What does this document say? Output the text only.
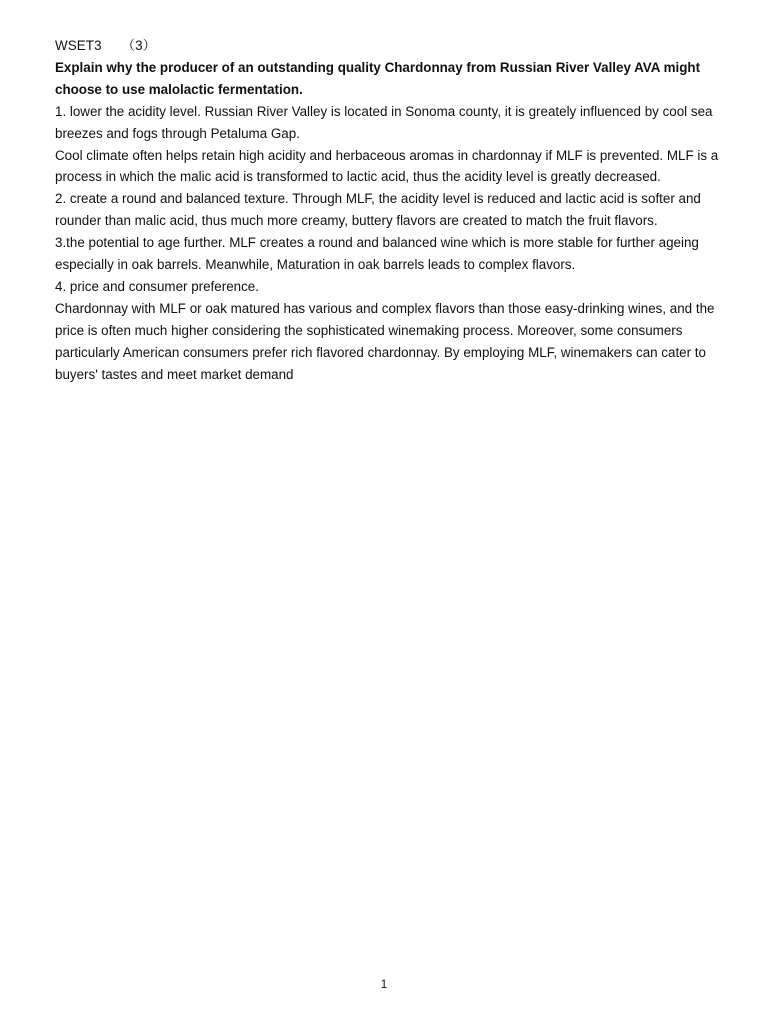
WSET3 （3）

Explain why the producer of an outstanding quality Chardonnay from Russian River Valley AVA might choose to use malolactic fermentation.

1. lower the acidity level. Russian River Valley is located in Sonoma county, it is greately influenced by cool sea breezes and fogs through Petaluma Gap.

Cool climate often helps retain high acidity and herbaceous aromas in chardonnay if MLF is prevented. MLF is a process in which the malic acid is transformed to lactic acid, thus the acidity level is greatly decreased.

2. create a round and balanced texture. Through MLF, the acidity level is reduced and lactic acid is softer and rounder than malic acid, thus much more creamy, buttery flavors are created to match the fruit flavors.

3.the potential to age further. MLF creates a round and balanced wine which is more stable for further ageing especially in oak barrels. Meanwhile, Maturation in oak barrels leads to complex flavors.

4. price and consumer preference.

Chardonnay with MLF or oak matured has various and complex flavors than those easy-drinking wines, and the price is often much higher considering the sophisticated winemaking process. Moreover, some consumers particularly American consumers prefer rich flavored chardonnay. By employing MLF, winemakers can cater to buyers' tastes and meet market demand

1
